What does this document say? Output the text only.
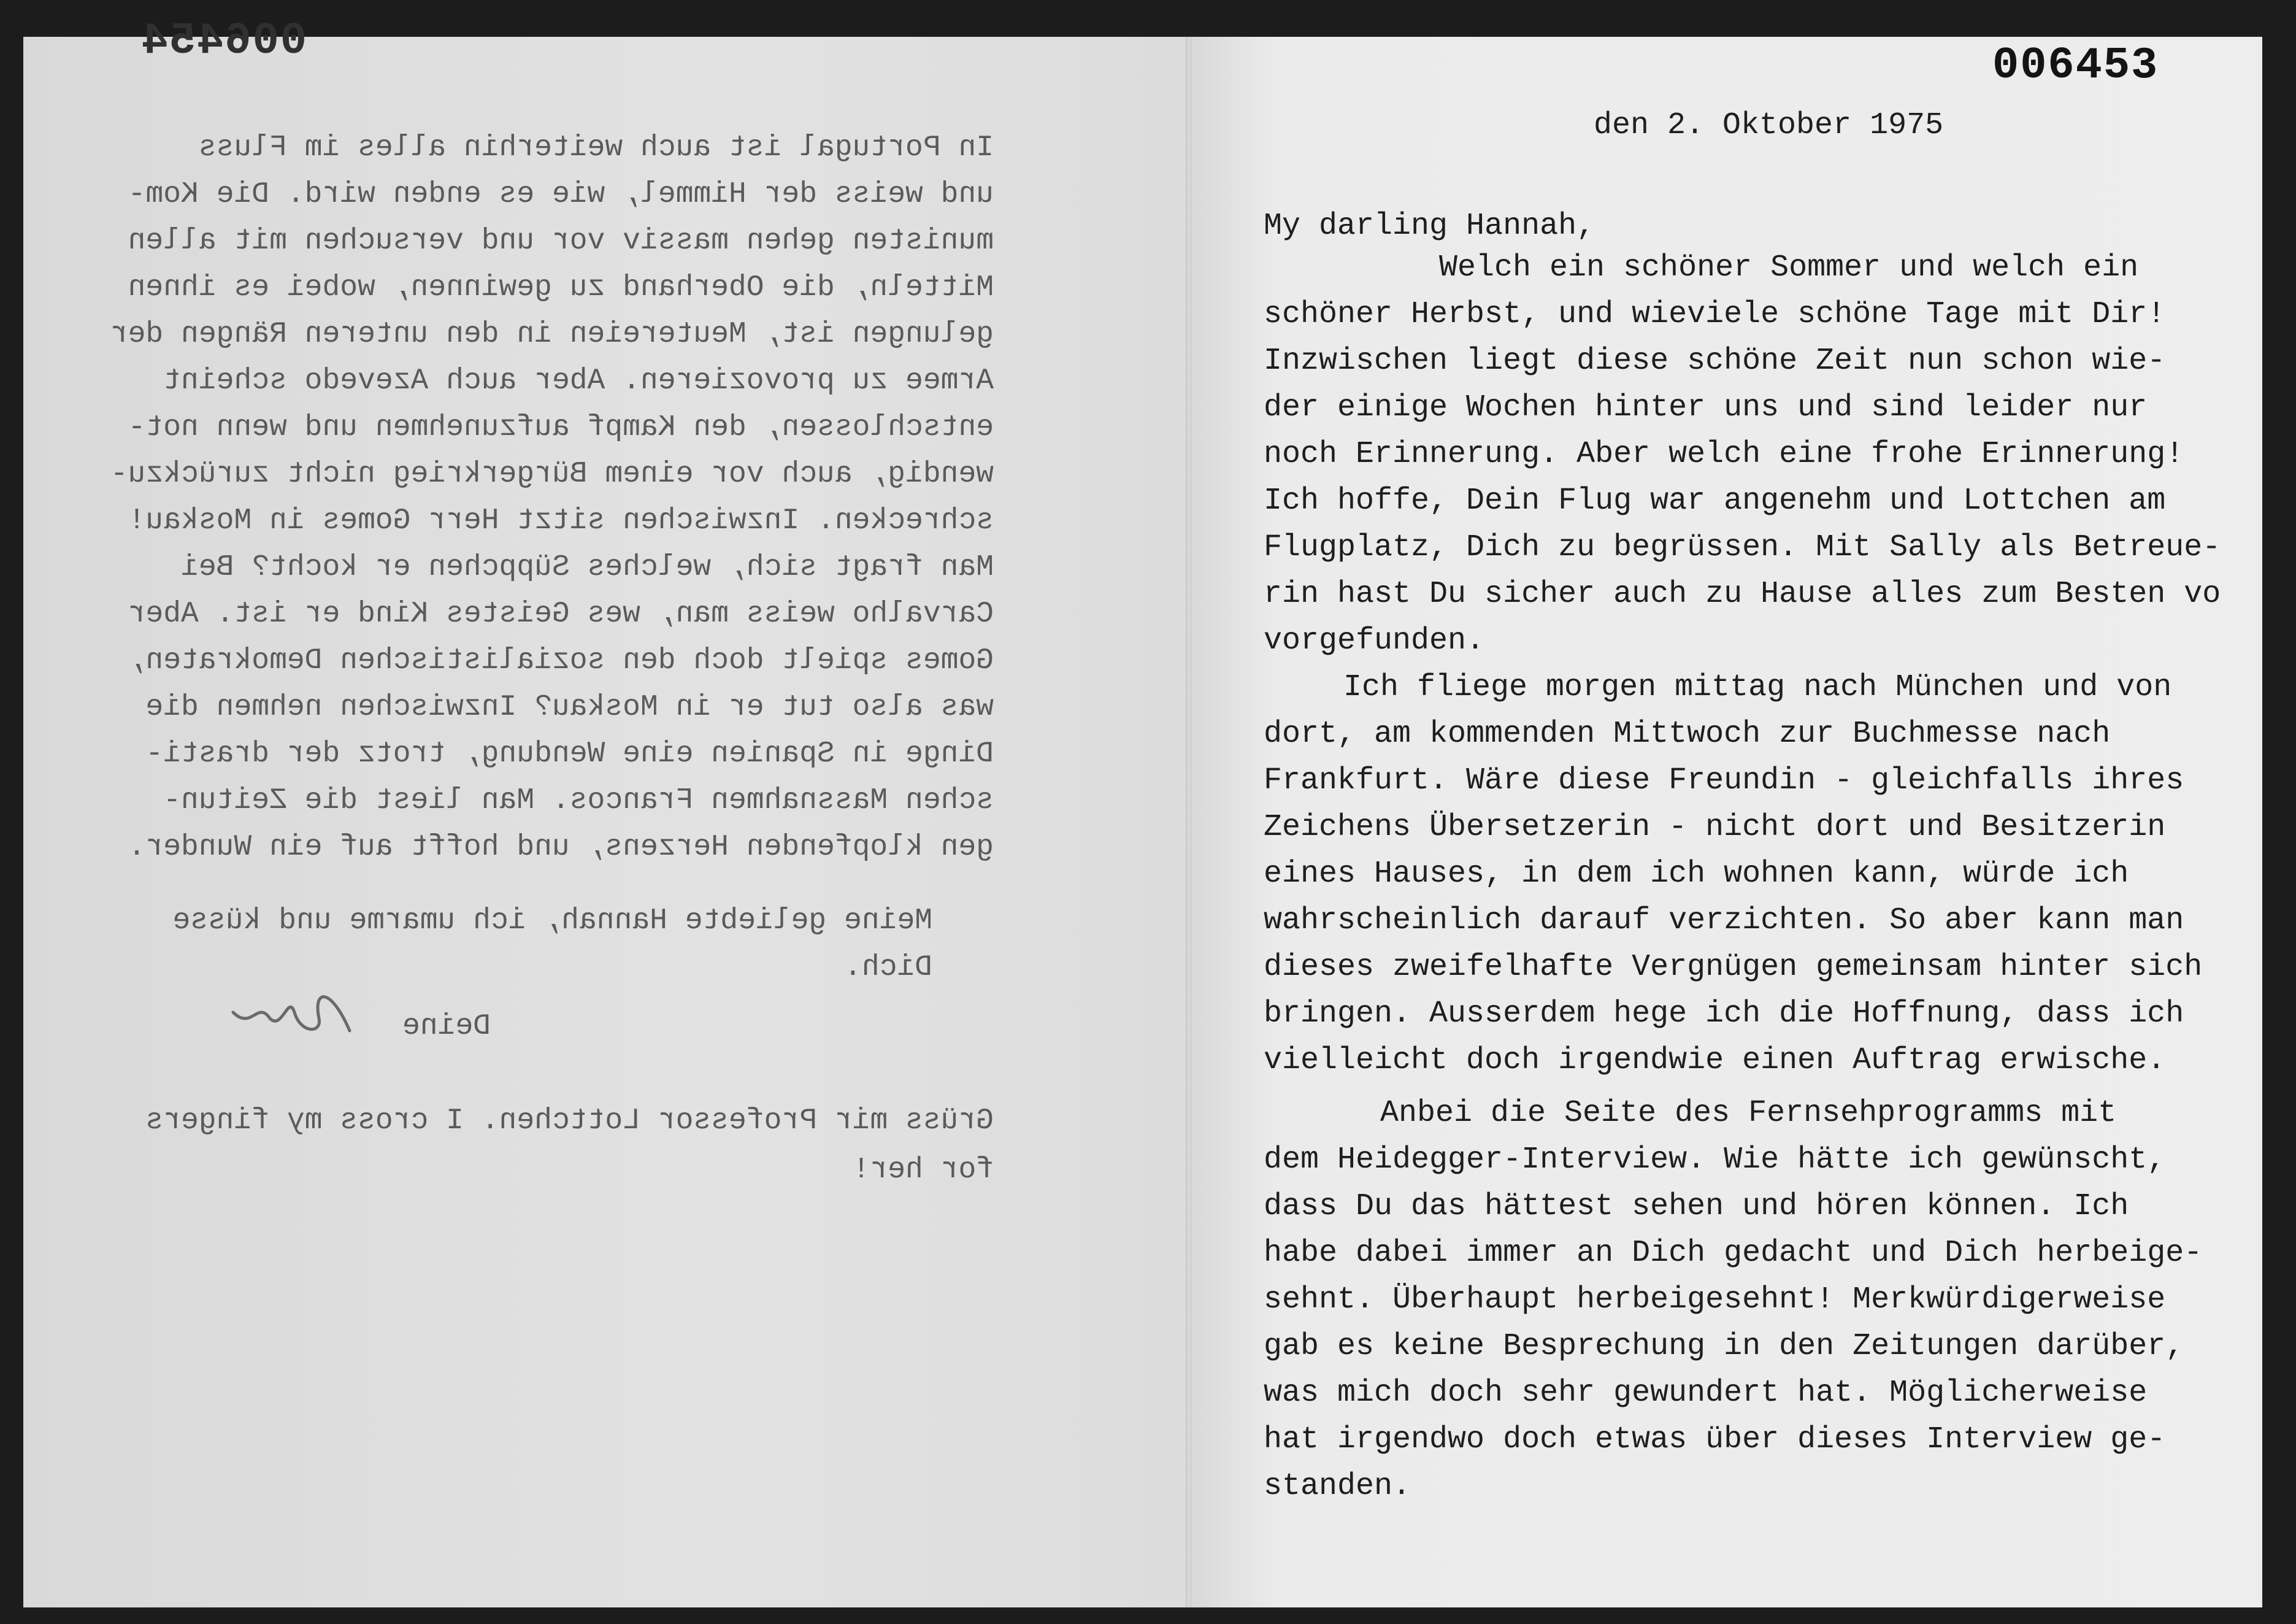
006454
In Portugal ist auch weiterhin alles im Fluss
und weiss der Himmel, wie es enden wird. Die Kom-
munisten gehen massiv vor und versuchen mit allen
Mitteln, die Oberhand zu gewinnen, wobei es ihnen
gelungen ist, Meutereien in den unteren Rängen der
Armee zu provozieren. Aber auch Azevedo scheint
entschlossen, den Kampf aufzunehmen und wenn not-
wendig, auch vor einem Bürgerkrieg nicht zurückzu-
schrecken. Inzwischen sitzt Herr Gomes in Moskau!
Man fragt sich, welches Süppchen er kocht? Bei
Carvalho weiss man, wes Geistes Kind er ist. Aber
Gomes spielt doch den sozialistischen Demokraten,
was also tut er in Moskau? Inzwischen nehmen die
Dinge in Spanien eine Wendung, trotz der drasti-
schen Massnahmen Francos. Man liest die Zeitun-
gen klopfenden Herzens, und hofft auf ein Wunder.
Meine geliebte Hannah, ich umarme und küsse
Dich.
Deine
Grüss mir Professor Lottchen. I cross my fingers
for her!
006453
den 2. Oktober 1975
My darling Hannah,
Welch ein schöner Sommer und welch ein
schöner Herbst, und wieviele schöne Tage mit Dir!
Inzwischen liegt diese schöne Zeit nun schon wie-
der einige Wochen hinter uns und sind leider nur
noch Erinnerung. Aber welch eine frohe Erinnerung!
Ich hoffe, Dein Flug war angenehm und Lottchen am
Flugplatz, Dich zu begrüssen. Mit Sally als Betreue-
rin hast Du sicher auch zu Hause alles zum Besten vo
vorgefunden.
Ich fliege morgen mittag nach München und von
dort, am kommenden Mittwoch zur Buchmesse nach
Frankfurt. Wäre diese Freundin - gleichfalls ihres
Zeichens Übersetzerin - nicht dort und Besitzerin
eines Hauses, in dem ich wohnen kann, würde ich
wahrscheinlich darauf verzichten. So aber kann man
dieses zweifelhafte Vergnügen gemeinsam hinter sich
bringen. Ausserdem hege ich die Hoffnung, dass ich
vielleicht doch irgendwie einen Auftrag erwische.
Anbei die Seite des Fernsehprogramms mit
dem Heidegger-Interview. Wie hätte ich gewünscht,
dass Du das hättest sehen und hören können. Ich
habe dabei immer an Dich gedacht und Dich herbeige-
sehnt. Überhaupt herbeigesehnt! Merkwürdigerweise
gab es keine Besprechung in den Zeitungen darüber,
was mich doch sehr gewundert hat. Möglicherweise
hat irgendwo doch etwas über dieses Interview ge-
standen.
